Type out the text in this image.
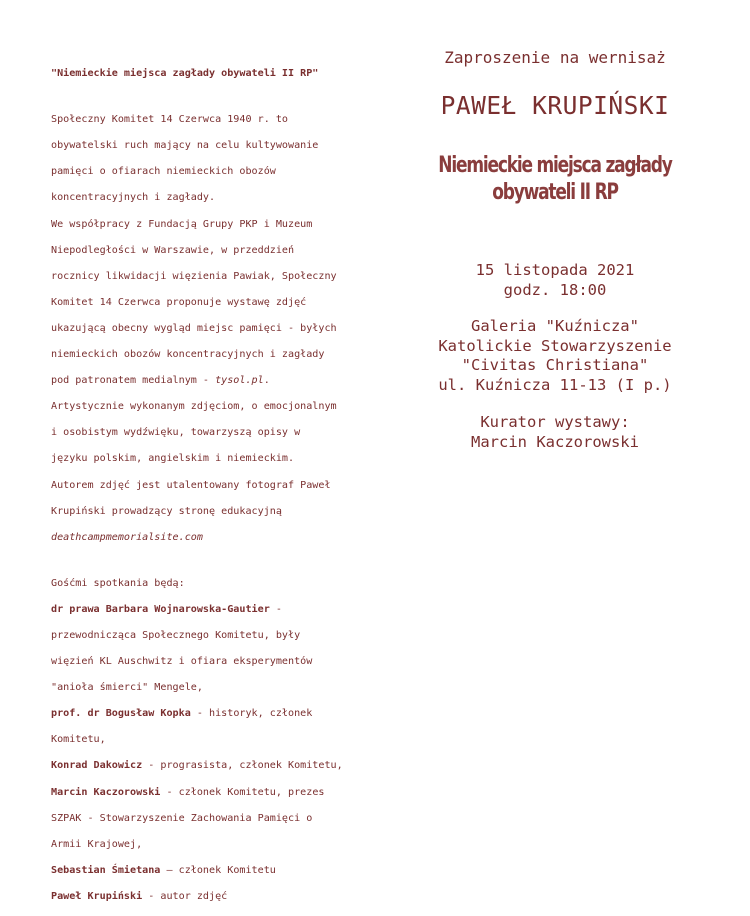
"Niemieckie miejsca zagłady obywateli II RP"

Społeczny Komitet 14 Czerwca 1940 r. to

obywatelski ruch mający na celu kultywowanie

pamięci o ofiarach niemieckich obozów

koncentracyjnych i zagłady.

We współpracy z Fundacją Grupy PKP i Muzeum

Niepodległości w Warszawie, w przeddzień

rocznicy likwidacji więzienia Pawiak, Społeczny

Komitet 14 Czerwca proponuje wystawę zdjęć

ukazującą obecny wygląd miejsc pamięci - byłych

niemieckich obozów koncentracyjnych i zagłady

pod patronatem medialnym - tysol.pl.

Artystycznie wykonanym zdjęciom, o emocjonalnym

i osobistym wydźwięku, towarzyszą opisy w

języku polskim, angielskim i niemieckim.

Autorem zdjęć jest utalentowany fotograf Paweł

Krupiński prowadzący stronę edukacyjną

deathcampmemorialsite.com

Gośćmi spotkania będą:

dr prawa Barbara Wojnarowska-Gautier -

przewodnicząca Społecznego Komitetu, były

więzień KL Auschwitz i ofiara eksperymentów

"anioła śmierci" Mengele,

prof. dr Bogusław Kopka - historyk, członek

Komitetu,

Konrad Dakowicz - prograsista, członek Komitetu,

Marcin Kaczorowski - członek Komitetu, prezes

SZPAK - Stowarzyszenie Zachowania Pamięci o

Armii Krajowej,

Sebastian Śmietana – członek Komitetu

Paweł Krupiński - autor zdjęć

Zaproszenie na wernisaż
PAWEŁ KRUPIŃSKI
Niemieckie miejsca zagłady
obywateli II RP
15 listopada 2021
godz. 18:00
Galeria "Kuźnicza"
Katolickie Stowarzyszenie
"Civitas Christiana"
ul. Kuźnicza 11-13 (I p.)
Kurator wystawy:
Marcin Kaczorowski
